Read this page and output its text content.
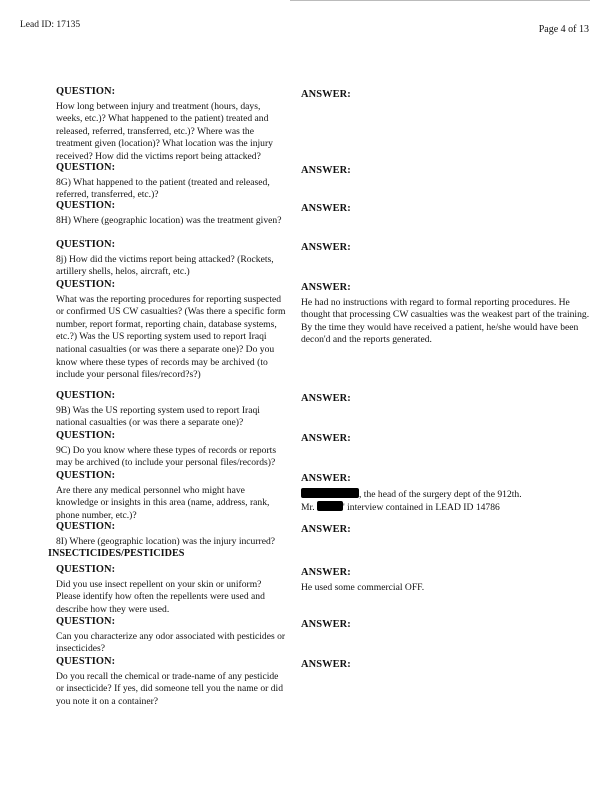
Lead ID: 17135	Page 4 of 13
QUESTION:
How long between injury and treatment (hours, days, weeks, etc.)? What happened to the patient) treated and released, referred, transferred, etc.)? Where was the treatment given (location)? What location was the injury received? How did the victims report being attacked?
ANSWER:
QUESTION:
8G) What happened to the patient (treated and released, referred, transferred, etc.)?
ANSWER:
QUESTION:
8H) Where (geographic location) was the treatment given?
ANSWER:
QUESTION:
8j) How did the victims report being attacked? (Rockets, artillery shells, helos, aircraft, etc.)
ANSWER:
QUESTION:
What was the reporting procedures for reporting suspected or confirmed US CW casualties? (Was there a specific form number, report format, reporting chain, database systems, etc.?) Was the US reporting system used to report Iraqi national casualties (or was there a separate one)? Do you know where these types of records may be archived (to include your personal files/record?s?)
ANSWER:
He had no instructions with regard to formal reporting procedures. He thought that processing CW casualties was the weakest part of the training. By the time they would have received a patient, he/she would have been decon'd and the reports generated.
QUESTION:
9B) Was the US reporting system used to report Iraqi national casualties (or was there a separate one)?
ANSWER:
QUESTION:
9C) Do you know where these types of records or reports may be archived (to include your personal files/records)?
ANSWER:
QUESTION:
Are there any medical personnel who might have knowledge or insights in this area (name, address, rank, phone number, etc.)?
ANSWER:
, the head of the surgery dept of the 912th.
Mr.	' interview contained in LEAD ID 14786
QUESTION:
8I) Where (geographic location) was the injury incurred?
ANSWER:
INSECTICIDES/PESTICIDES
QUESTION:
Did you use insect repellent on your skin or uniform? Please identify how often the repellents were used and describe how they were used.
ANSWER:
He used some commercial OFF.
QUESTION:
Can you characterize any odor associated with pesticides or insecticides?
ANSWER:
QUESTION:
Do you recall the chemical or trade-name of any pesticide or insecticide? If yes, did someone tell you the name or did you note it on a container?
ANSWER:
